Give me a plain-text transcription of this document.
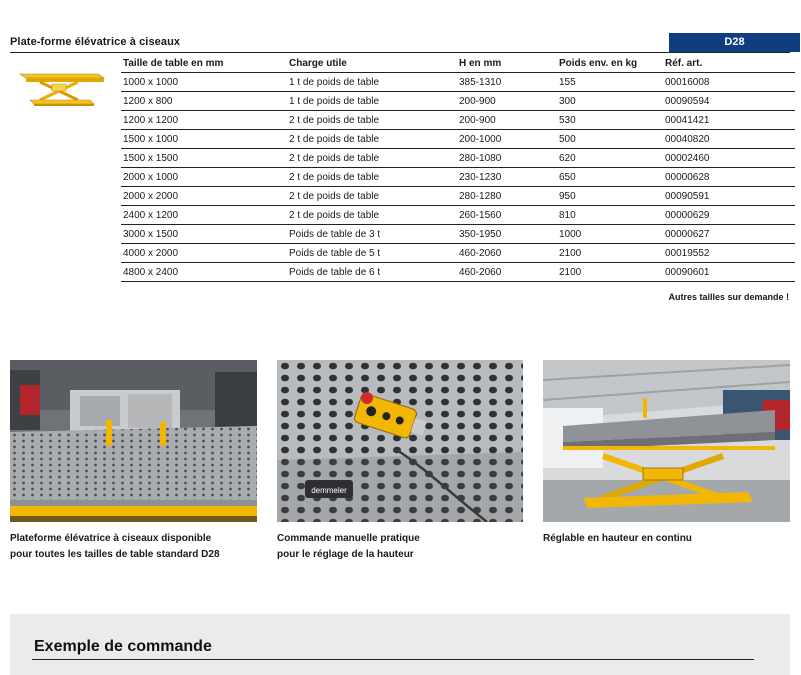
Plate-forme élévatrice à ciseaux	D28
Taille de table en mm	Charge utile	H en mm	Poids env. en kg	Réf. art.
1000 x 1000	1 t de poids de table	385-1310	155	00016008
1200 x 800	1 t de poids de table	200-900	300	00090594
1200 x 1200	2 t de poids de table	200-900	530	00041421
1500 x 1000	2 t de poids de table	200-1000	500	00040820
1500 x 1500	2 t de poids de table	280-1080	620	00002460
2000 x 1000	2 t de poids de table	230-1230	650	00000628
2000 x 2000	2 t de poids de table	280-1280	950	00090591
2400 x 1200	2 t de poids de table	260-1560	810	00000629
3000 x 1500	Poids de table de 3 t	350-1950	1000	00000627
4000 x 2000	Poids de table de 5 t	460-2060	2100	00019552
4800 x 2400	Poids de table de 6 t	460-2060	2100	00090601
Autres tailles sur demande !
demmeler
Plateforme élévatrice à ciseaux disponible
pour toutes les tailles de table standard D28
Commande manuelle pratique
pour le réglage de la hauteur
Réglable en hauteur en continu
Exemple de commande
